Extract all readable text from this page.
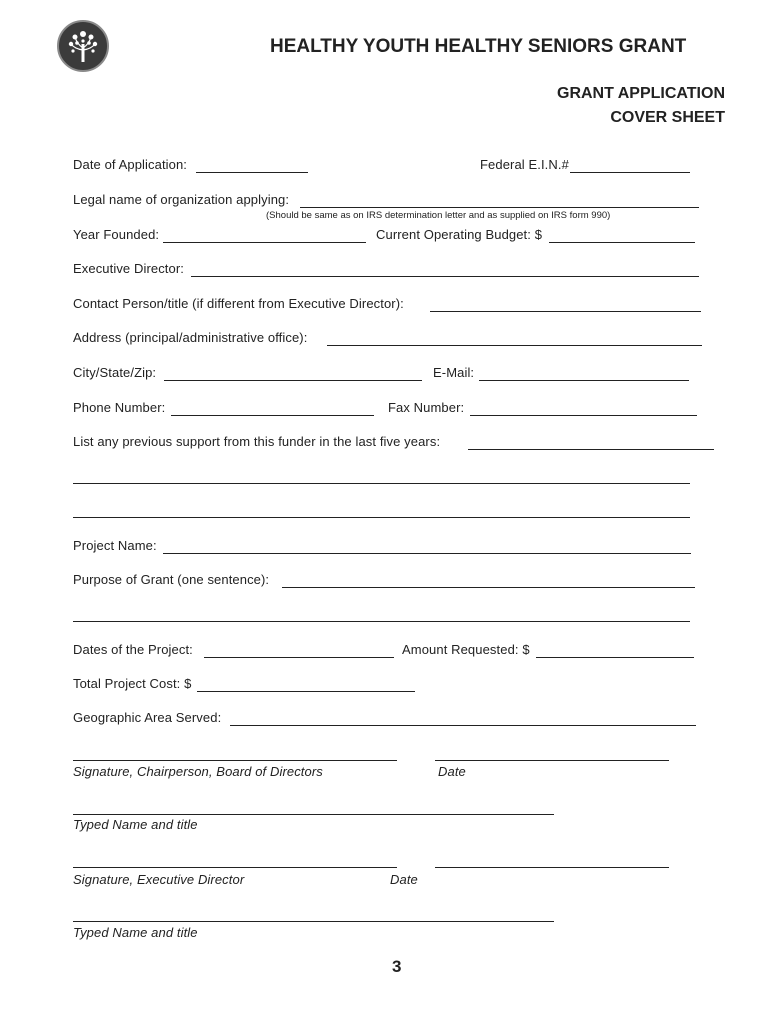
HEALTHY YOUTH HEALTHY SENIORS GRANT
GRANT APPLICATION
COVER SHEET
Date of Application:	Federal E.I.N.#
Legal name of organization applying:
(Should be same as on IRS determination letter and as supplied on IRS form 990)
Year Founded:	Current Operating Budget: $
Executive Director:
Contact Person/title (if different from Executive Director):
Address (principal/administrative office):
City/State/Zip:	E-Mail:
Phone Number:	Fax Number:
List any previous support from this funder in the last five years:
Project Name:
Purpose of Grant (one sentence):
Dates of the Project:	Amount Requested: $
Total Project Cost: $
Geographic Area Served:
Signature, Chairperson, Board of Directors	Date
Typed Name and title
Signature, Executive Director	Date
Typed Name and title
3
